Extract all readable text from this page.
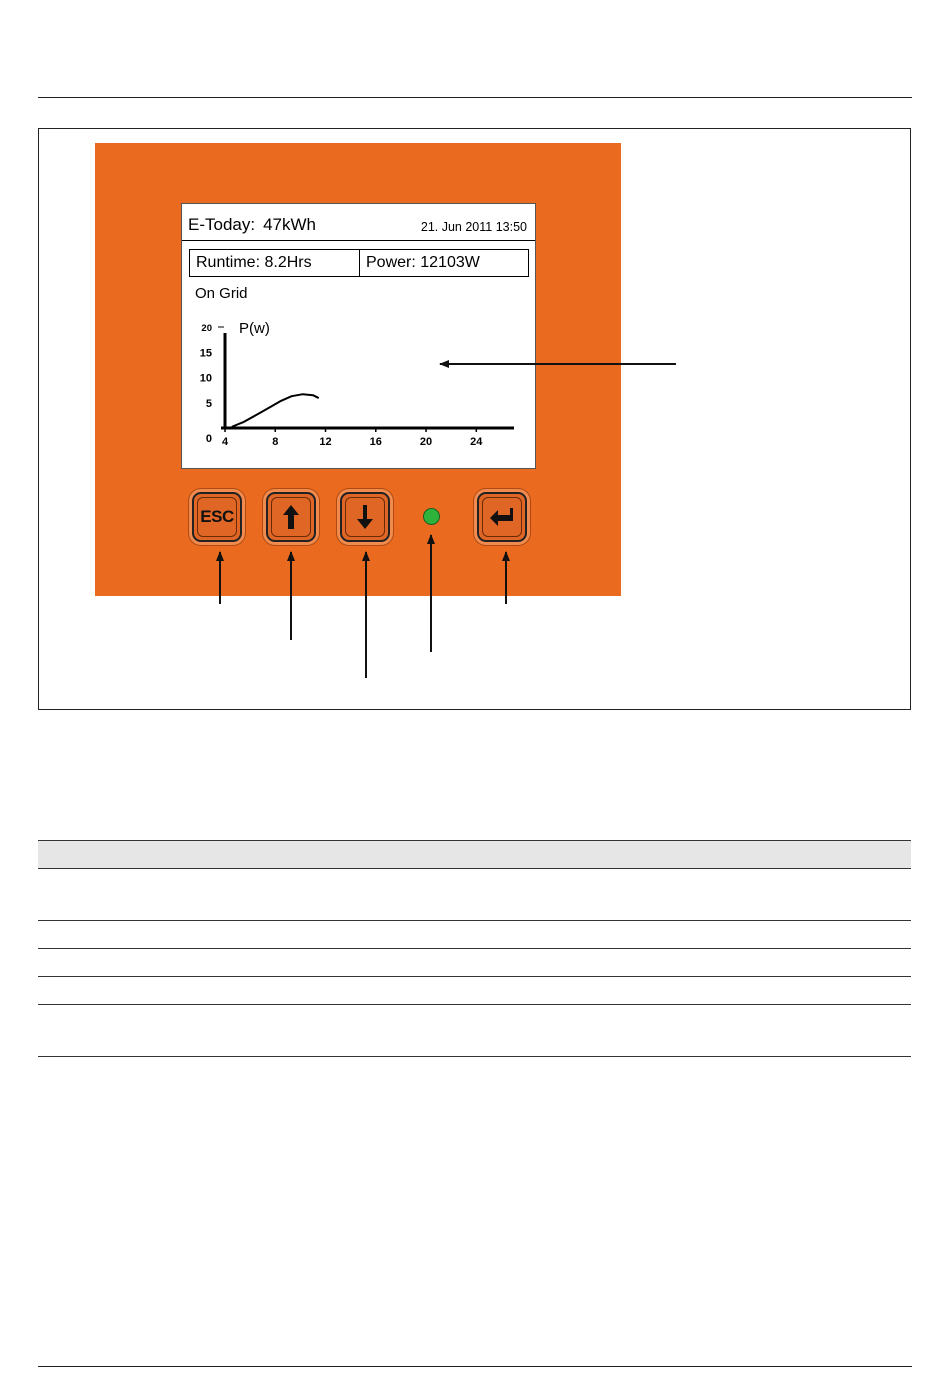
E-Today: 47kWh	21. Jun 2011 13:50
Runtime: 8.2Hrs	Power: 12103W
On Grid
4	8	12	16	20	24
0
5
10
15
20 P(w)
ESC
